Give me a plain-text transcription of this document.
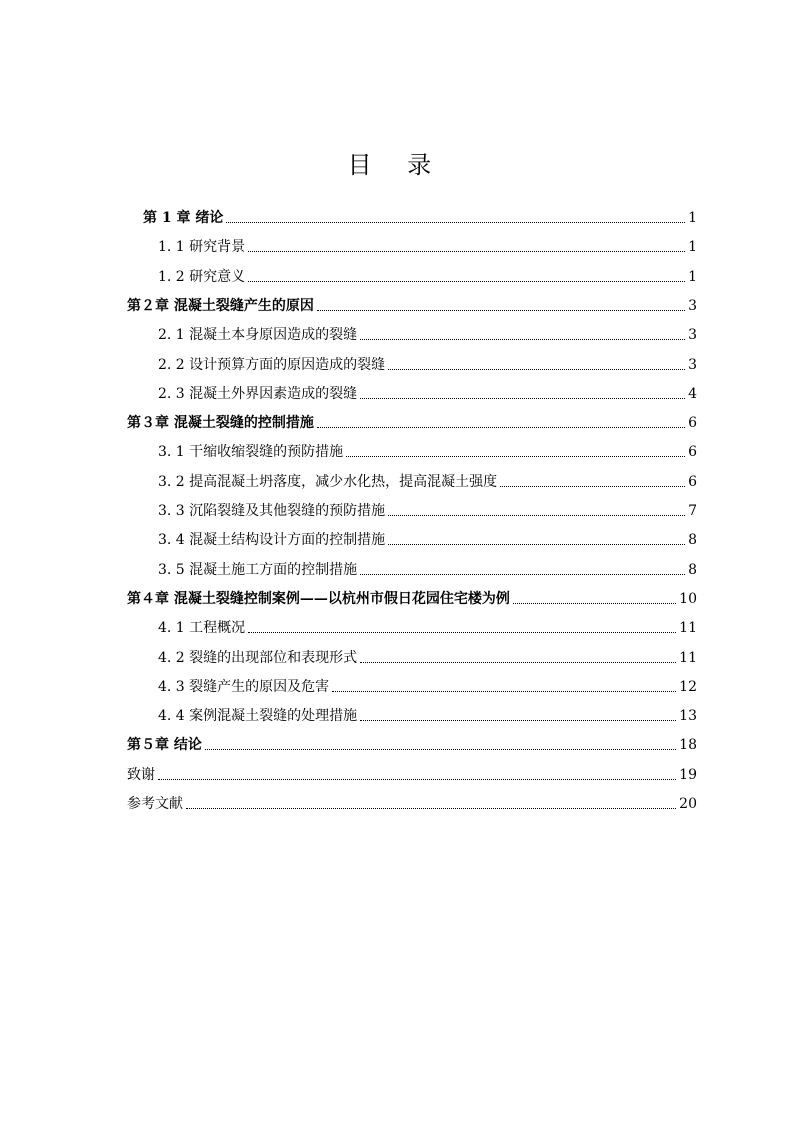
目 录
第 1 章 绪论	1
1. 1 研究背景	1
1. 2 研究意义	1
第２章 混凝土裂缝产生的原因	3
2. 1 混凝土本身原因造成的裂缝	3
2. 2 设计预算方面的原因造成的裂缝	3
2. 3 混凝土外界因素造成的裂缝	4
第３章 混凝土裂缝的控制措施	6
3. 1 干缩收缩裂缝的预防措施	6
3. 2 提高混凝土坍落度，减少水化热，提高混凝土强度	6
3. 3 沉陷裂缝及其他裂缝的预防措施	7
3. 4 混凝土结构设计方面的控制措施	8
3. 5 混凝土施工方面的控制措施	8
第４章 混凝土裂缝控制案例——以杭州市假日花园住宅楼为例	10
4. 1 工程概况	11
4. 2 裂缝的出现部位和表现形式	11
4. 3 裂缝产生的原因及危害	12
4. 4 案例混凝土裂缝的处理措施	13
第５章 结论	18
致谢	19
参考文献	20
